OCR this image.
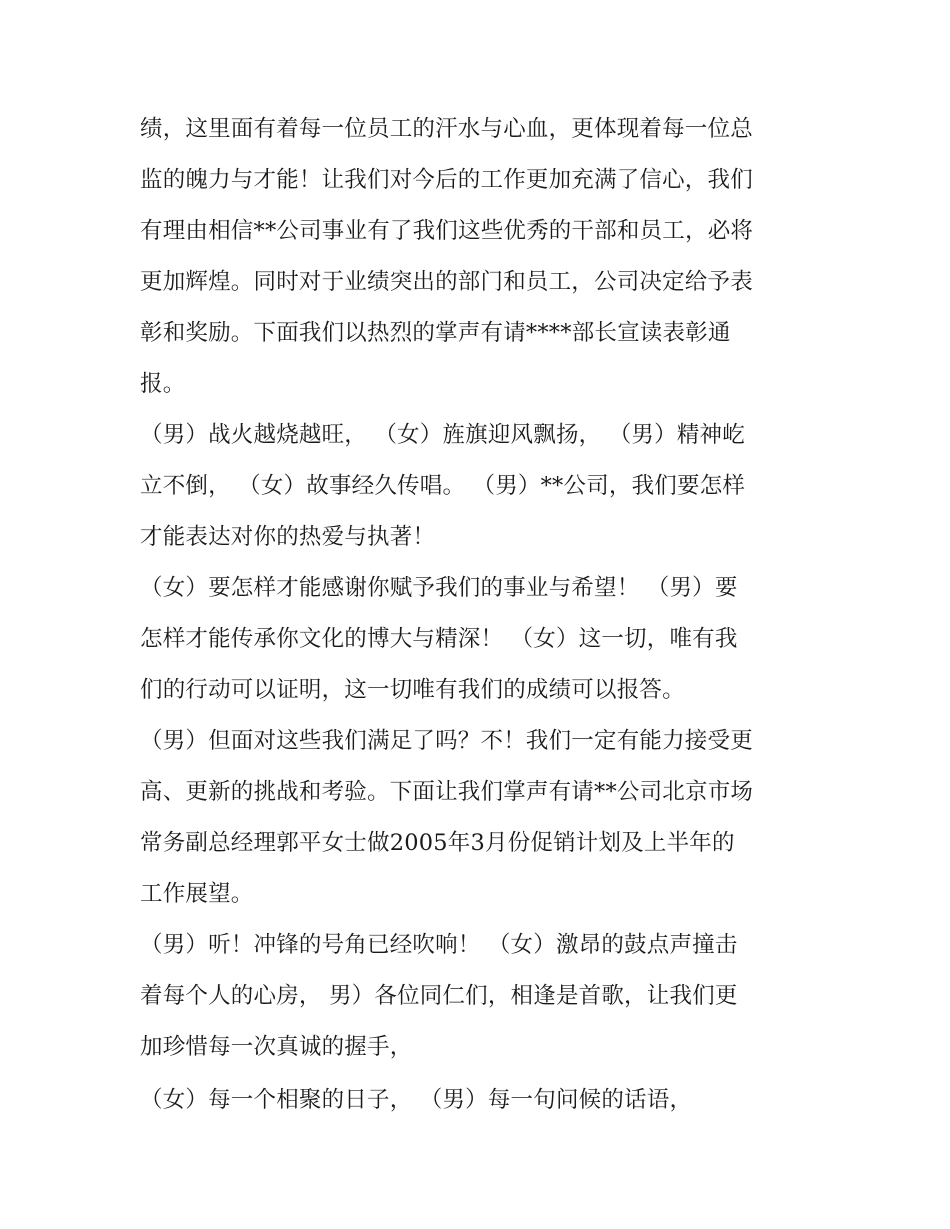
绩，这里面有着每一位员工的汗水与心血，更体现着每一位总
监的魄力与才能！让我们对今后的工作更加充满了信心，我们
有理由相信**公司事业有了我们这些优秀的干部和员工，必将
更加辉煌。同时对于业绩突出的部门和员工，公司决定给予表
彰和奖励。下面我们以热烈的掌声有请****部长宣读表彰通
报。
（男）战火越烧越旺， （女）旌旗迎风飘扬， （男）精神屹
立不倒， （女）故事经久传唱。 （男）**公司，我们要怎样
才能表达对你的热爱与执著！
（女）要怎样才能感谢你赋予我们的事业与希望！ （男）要
怎样才能传承你文化的博大与精深！ （女）这一切，唯有我
们的行动可以证明，这一切唯有我们的成绩可以报答。
（男）但面对这些我们满足了吗？不！我们一定有能力接受更
高、更新的挑战和考验。下面让我们掌声有请**公司北京市场
常务副总经理郭平女士做2005年3月份促销计划及上半年的
工作展望。
（男）听！冲锋的号角已经吹响！ （女）激昂的鼓点声撞击
着每个人的心房， 男）各位同仁们，相逢是首歌，让我们更
加珍惜每一次真诚的握手，
（女）每一个相聚的日子， （男）每一句问候的话语，
